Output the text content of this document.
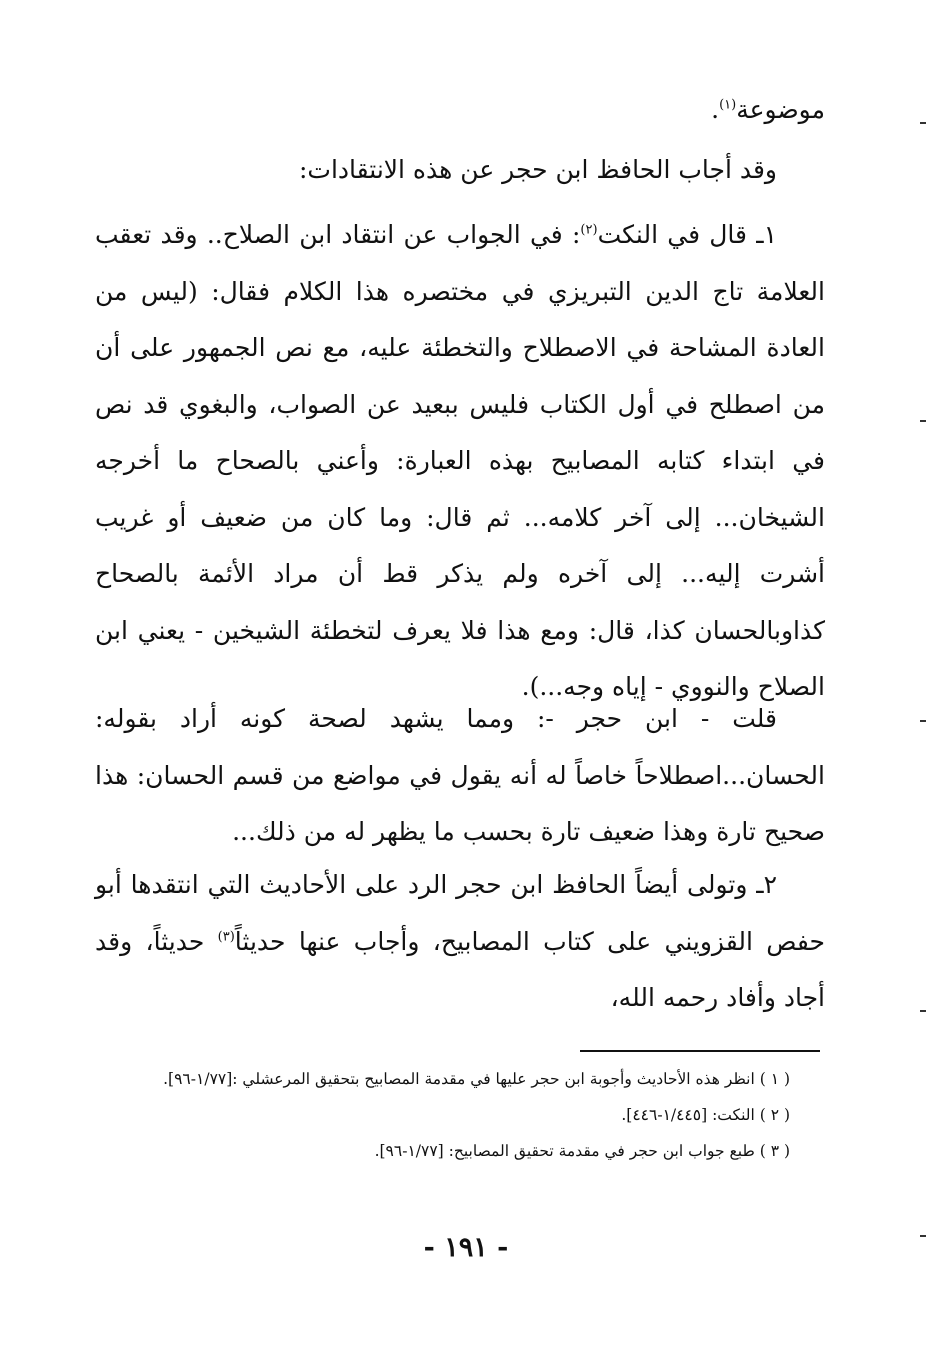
موضوعة$^{(١)}$.

وقد أجاب الحافظ ابن حجر عن هذه الانتقادات:

١ـ قال في النكت$^{(٢)}$: في الجواب عن انتقاد ابن الصلاح.. وقد تعقب العلامة تاج الدين التبريزي في مختصره هذا الكلام فقال: (ليس من العادة المشاحة في الاصطلاح والتخطئة عليه، مع نص الجمهور على أن من اصطلح في أول الكتاب فليس ببعيد عن الصواب، والبغوي قد نص في ابتداء كتابه المصابيح بهذه العبارة: وأعني بالصحاح ما أخرجه الشيخان... إلى آخر كلامه... ثم قال: وما كان من ضعيف أو غريب أشرت إليه... إلى آخره ولم يذكر قط أن مراد الأئمة بالصحاح كذاوبالحسان كذا، قال: ومع هذا فلا يعرف لتخطئة الشيخين - يعني ابن الصلاح والنووي - إياه وجه...).

قلت - ابن حجر -: ومما يشهد لصحة كونه أراد بقوله: الحسان...اصطلاحاً خاصاً له أنه يقول في مواضع من قسم الحسان: هذا صحيح تارة وهذا ضعيف تارة بحسب ما يظهر له من ذلك...

٢ـ وتولى أيضاً الحافظ ابن حجر الرد على الأحاديث التي انتقدها أبو حفص القزويني على كتاب المصابيح، وأجاب عنها حديثاً$^{(٣)}$ حديثاً، وقد أجاد وأفاد رحمه الله،

( ١ ) انظر هذه الأحاديث وأجوبة ابن حجر عليها في مقدمة المصابيح بتحقيق المرعشلي :[١/٧٧-٩٦].

( ٢ ) النكت: [١/٤٤٥-٤٤٦].

( ٣ ) طبع جواب ابن حجر في مقدمة تحقيق المصابيح: [١/٧٧-٩٦].

- ١٩١ -
